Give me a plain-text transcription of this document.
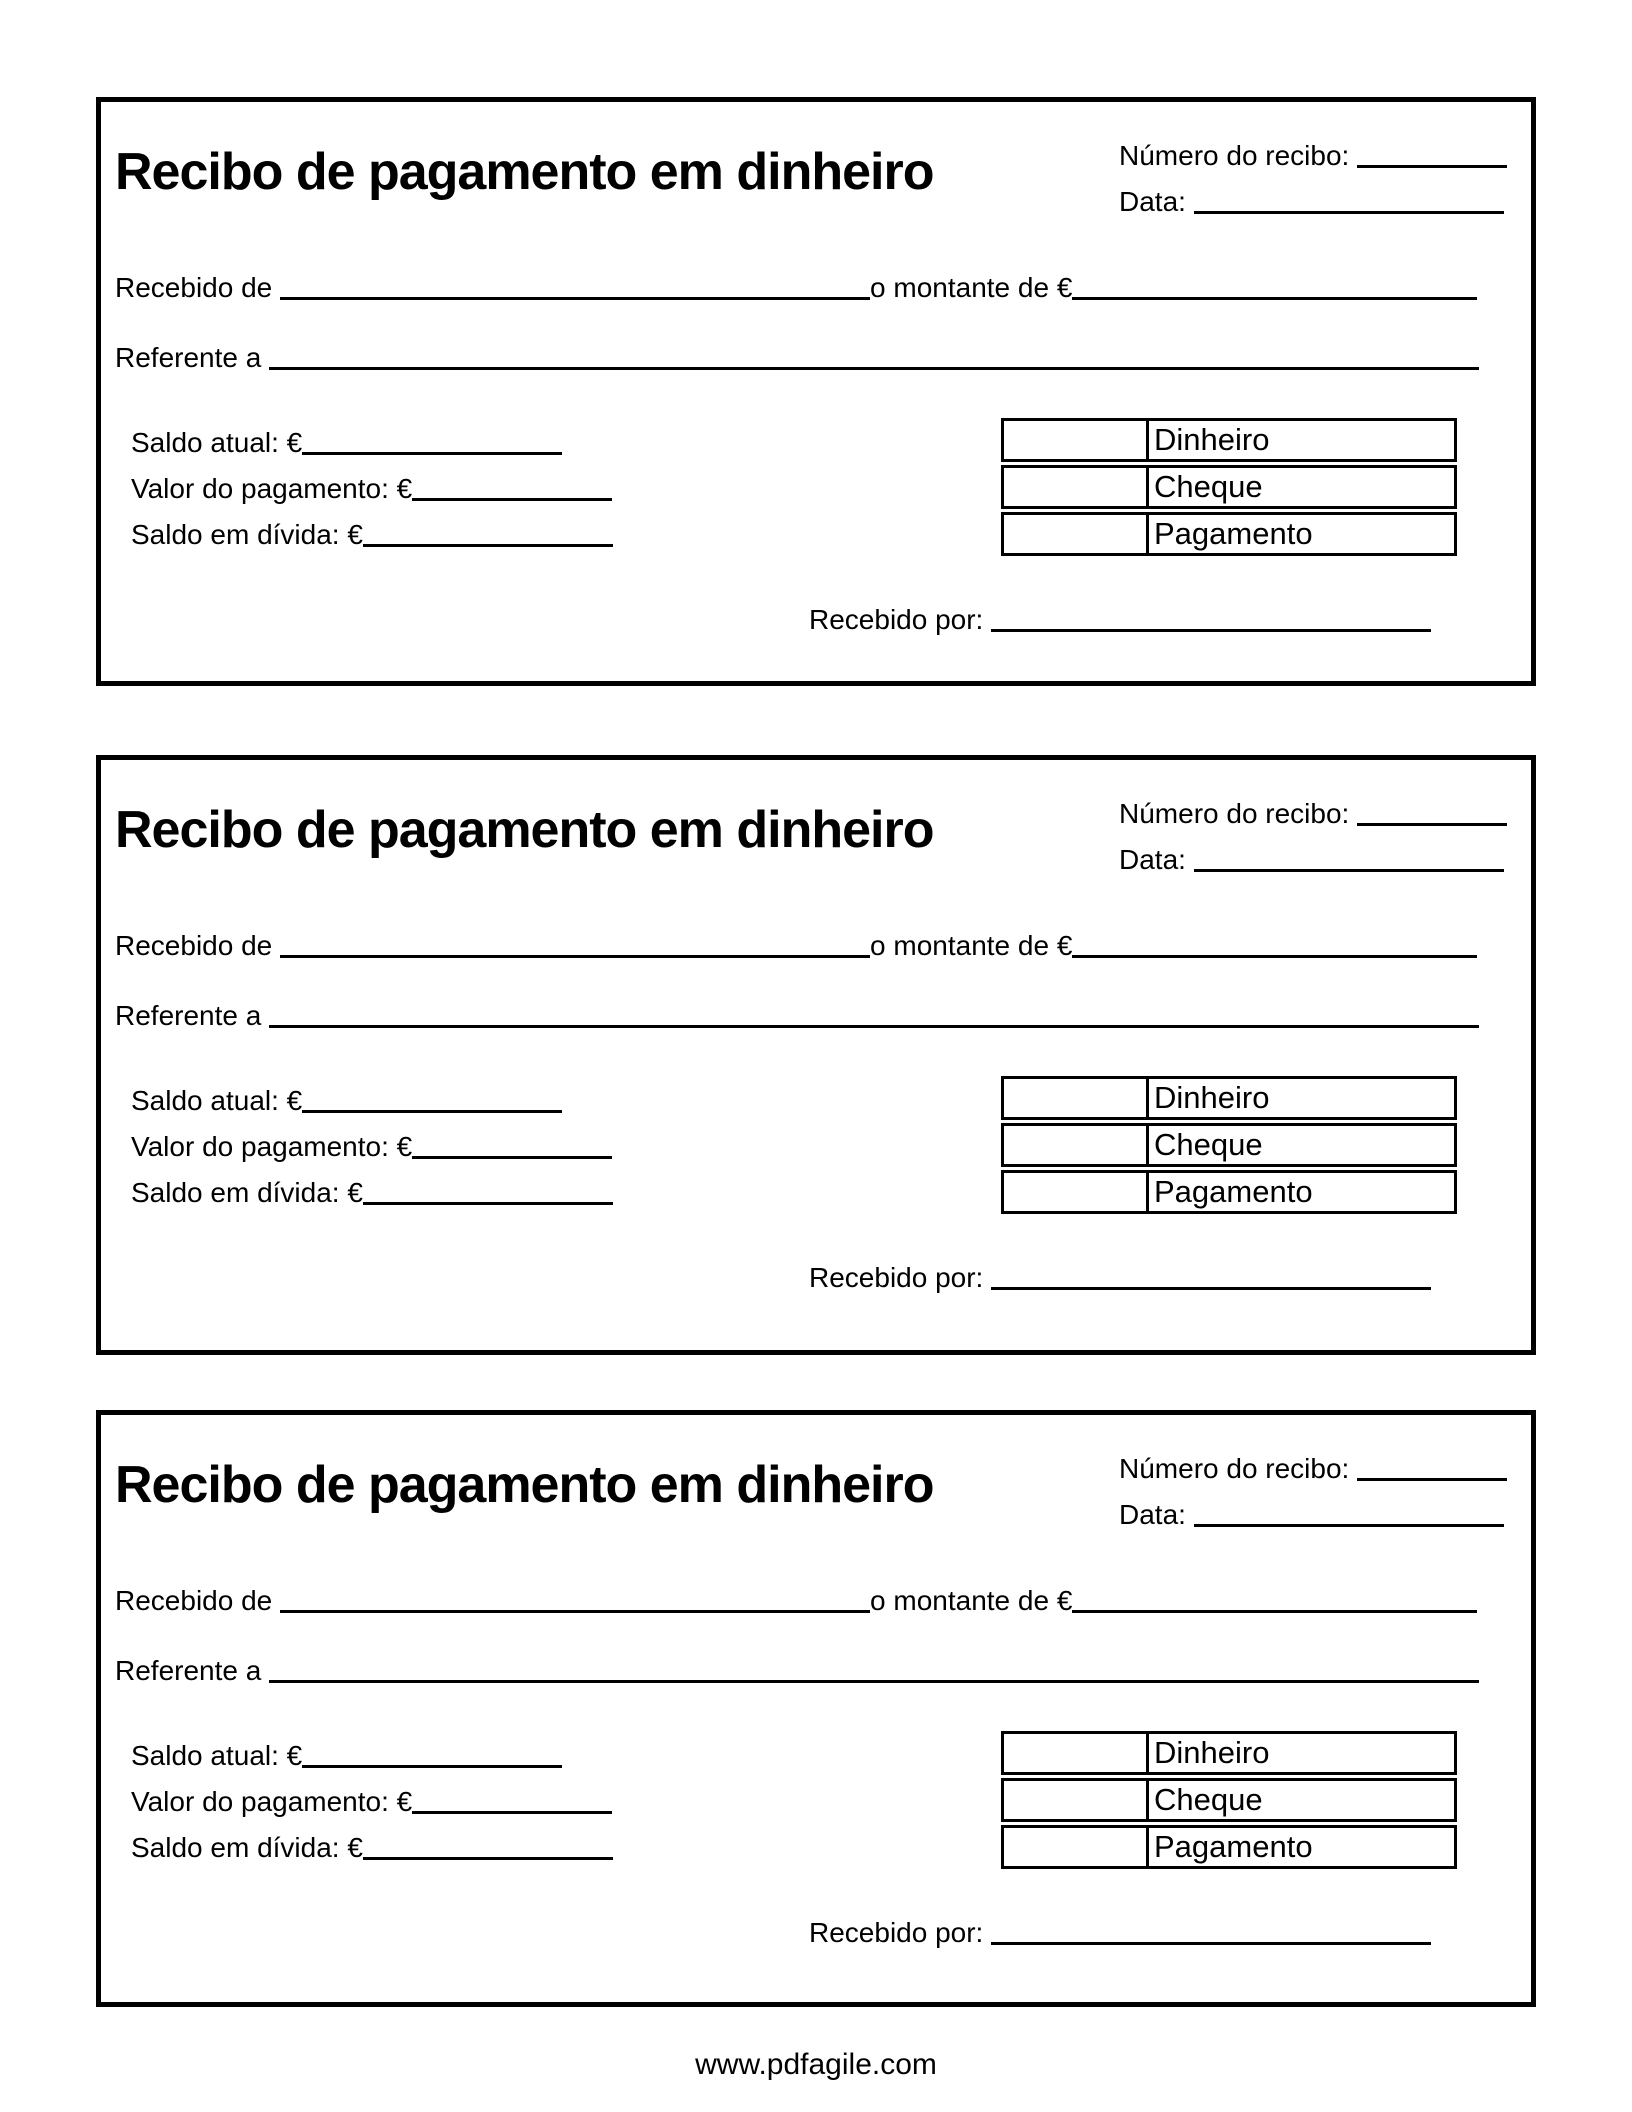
Recibo de pagamento em dinheiro	Número do recibo:
Data:
Recebido de	o montante de €
Referente a
Saldo atual: €
Valor do pagamento: €
Saldo em dívida: €
Dinheiro
Cheque
Pagamento
Recebido por:
Recibo de pagamento em dinheiro	Número do recibo:
Data:
Recebido de	o montante de €
Referente a
Saldo atual: €
Valor do pagamento: €
Saldo em dívida: €
Dinheiro
Cheque
Pagamento
Recebido por:
Recibo de pagamento em dinheiro	Número do recibo:
Data:
Recebido de	o montante de €
Referente a
Saldo atual: €
Valor do pagamento: €
Saldo em dívida: €
Dinheiro
Cheque
Pagamento
Recebido por:
www.pdfagile.com
